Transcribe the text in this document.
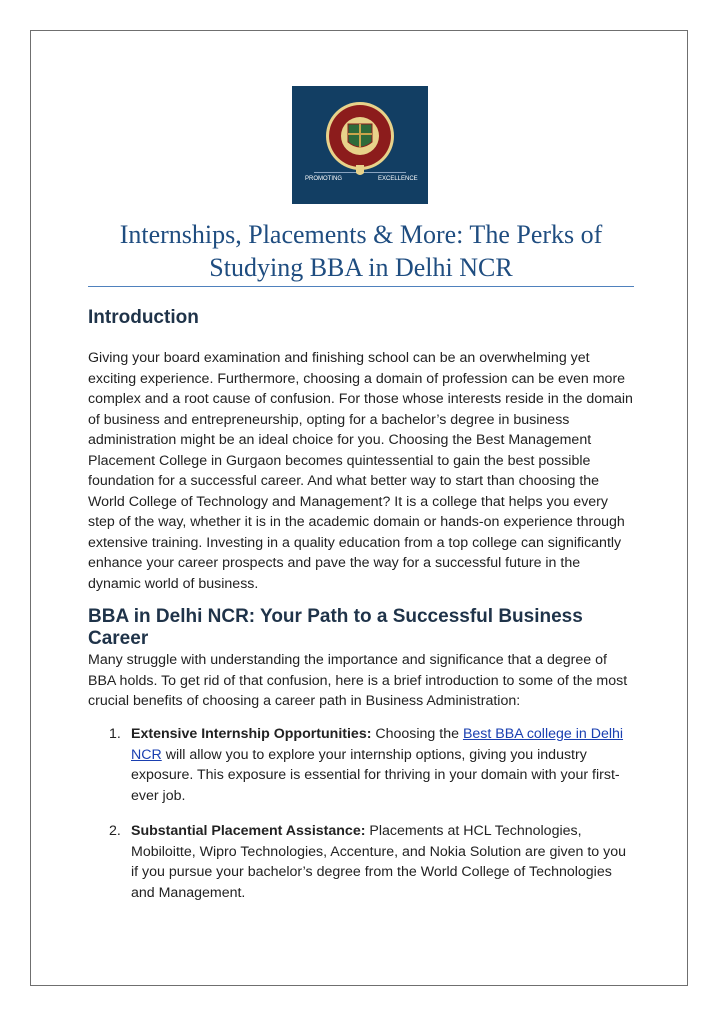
PROMOTING	EXCELLENCE
Internships, Placements & More: The Perks of
Studying BBA in Delhi NCR
Introduction

Giving your board examination and finishing school can be an overwhelming yet exciting experience. Furthermore, choosing a domain of profession can be even more complex and a root cause of confusion. For those whose interests reside in the domain of business and entrepreneurship, opting for a bachelor’s degree in business administration might be an ideal choice for you. Choosing the Best Management Placement College in Gurgaon becomes quintessential to gain the best possible foundation for a successful career. And what better way to start than choosing the World College of Technology and Management? It is a college that helps you every step of the way, whether it is in the academic domain or hands-on experience through extensive training. Investing in a quality education from a top college can significantly enhance your career prospects and pave the way for a successful future in the dynamic world of business.

BBA in Delhi NCR: Your Path to a Successful Business Career

Many struggle with understanding the importance and significance that a degree of BBA holds. To get rid of that confusion, here is a brief introduction to some of the most crucial benefits of choosing a career path in Business Administration:

1. Extensive Internship Opportunities: Choosing the Best BBA college in Delhi NCR will allow you to explore your internship options, giving you industry exposure. This exposure is essential for thriving in your domain with your first-ever job.
2. Substantial Placement Assistance: Placements at HCL Technologies, Mobiloitte, Wipro Technologies, Accenture, and Nokia Solution are given to you if you pursue your bachelor’s degree from the World College of Technologies and Management.
